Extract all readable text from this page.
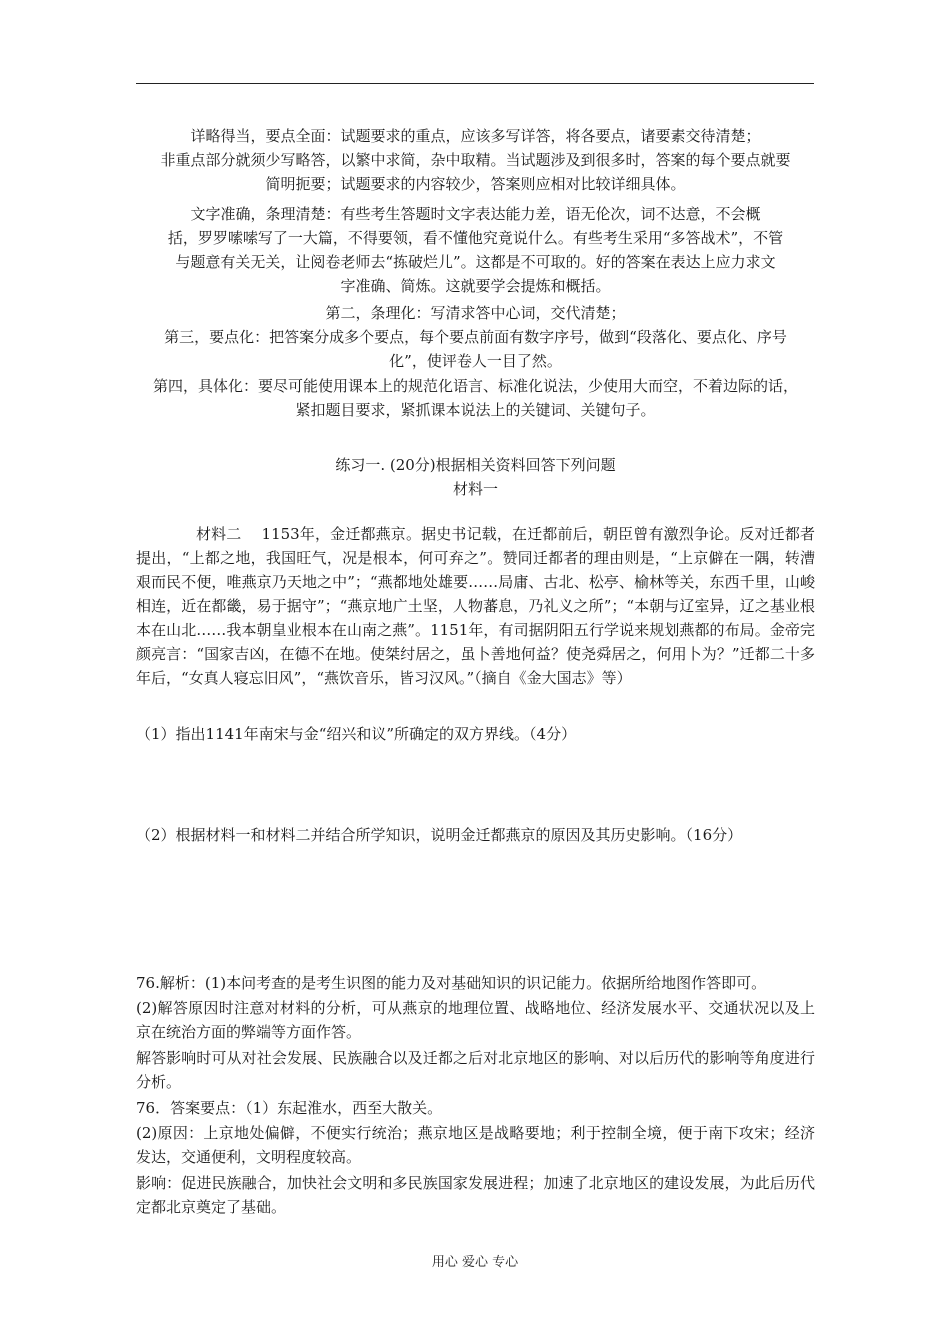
详略得当，要点全面：试题要求的重点，应该多写详答，将各要点，诸要素交待清楚；

非重点部分就须少写略答，以繁中求简，杂中取精。当试题涉及到很多时，答案的每个要点就要

简明扼要；试题要求的内容较少，答案则应相对比较详细具体。

文字准确，条理清楚：有些考生答题时文字表达能力差，语无伦次，词不达意，不会概

括，罗罗嗦嗦写了一大篇，不得要领，看不懂他究竟说什么。有些考生采用“多答战术”，不管

与题意有关无关，让阅卷老师去“拣破烂儿”。这都是不可取的。好的答案在表达上应力求文

字准确、简炼。这就要学会提炼和概括。

第二，条理化：写清求答中心词，交代清楚；

第三，要点化：把答案分成多个要点，每个要点前面有数字序号，做到“段落化、要点化、序号

化”，使评卷人一目了然。

第四，具体化：要尽可能使用课本上的规范化语言、标准化说法，少使用大而空，不着边际的话，

紧扣题目要求，紧抓课本说法上的关键词、关键句子。

练习一. (20分)根据相关资料回答下列问题

材料一

材料二　 1153年，金迁都燕京。据史书记载，在迁都前后，朝臣曾有激烈争论。反对迁都者提出，“上都之地，我国旺气，况是根本，何可弃之”。赞同迁都者的理由则是，“上京僻在一隅，转漕艰而民不便，唯燕京乃天地之中”；“燕都地处雄要……局庸、古北、松亭、榆林等关，东西千里，山峻相连，近在都畿，易于据守”；“燕京地广土坚，人物蕃息，乃礼义之所”；“本朝与辽室异，辽之基业根本在山北……我本朝皇业根本在山南之燕”。1151年，有司据阴阳五行学说来规划燕都的布局。金帝完颜亮言：“国家吉凶，在德不在地。使桀纣居之，虽卜善地何益？使尧舜居之，何用卜为？”迁都二十多年后，“女真人寝忘旧风”，“燕饮音乐，皆习汉风。”（摘自《金大国志》等）

（1）指出1141年南宋与金“绍兴和议”所确定的双方界线。（4分）

（2）根据材料一和材料二并结合所学知识，说明金迁都燕京的原因及其历史影响。（16分）

76.解析：(1)本问考查的是考生识图的能力及对基础知识的识记能力。依据所给地图作答即可。

(2)解答原因时注意对材料的分析，可从燕京的地理位置、战略地位、经济发展水平、交通状况以及上京在统治方面的弊端等方面作答。

解答影响时可从对社会发展、民族融合以及迁都之后对北京地区的影响、对以后历代的影响等角度进行分析。

76．答案要点：（1）东起淮水，西至大散关。

(2)原因：上京地处偏僻，不便实行统治；燕京地区是战略要地；利于控制全境，便于南下攻宋；经济发达，交通便利，文明程度较高。

影响：促进民族融合，加快社会文明和多民族国家发展进程；加速了北京地区的建设发展，为此后历代定都北京奠定了基础。

用心 爱心 专心
